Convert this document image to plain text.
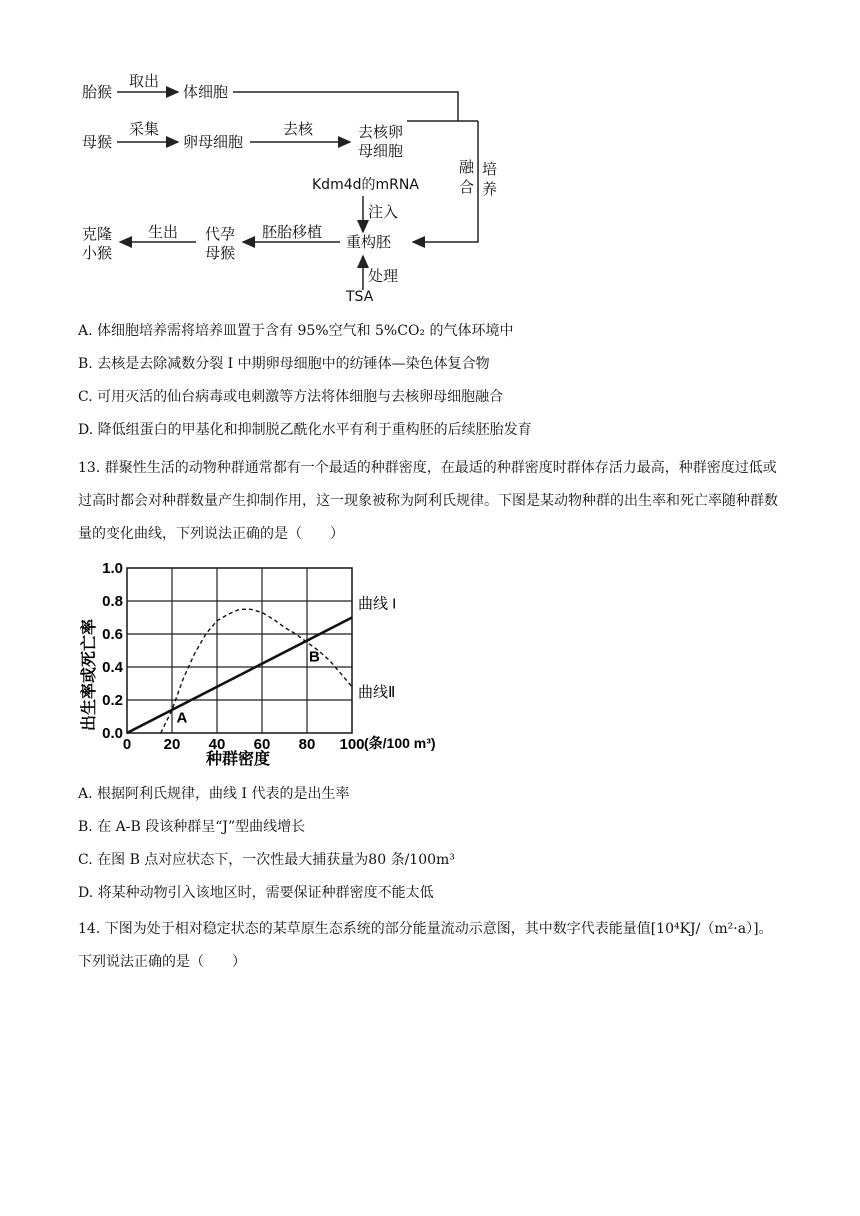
胎猴
取出
体细胞
母猴
采集
卵母细胞
去核	去核卵
母细胞
融
合
培
养
Kdm4d的mRNA
注入
重构胚
处理
TSA
胚胎移植
代孕
母猴
生出
克隆
小猴
A. 体细胞培养需将培养皿置于含有 95%空气和 5%CO₂ 的气体环境中
B. 去核是去除减数分裂 I 中期卵母细胞中的纺锤体—染色体复合物
C. 可用灭活的仙台病毒或电刺激等方法将体细胞与去核卵母细胞融合
D. 降低组蛋白的甲基化和抑制脱乙酰化水平有利于重构胚的后续胚胎发育
13. 群聚性生活的动物种群通常都有一个最适的种群密度，在最适的种群密度时群体存活力最高，种群密度过低或过高时都会对种群数量产生抑制作用，这一现象被称为阿利氏规律。下图是某动物种群的出生率和死亡率随种群数量的变化曲线，下列说法正确的是（　　）
0 20 40 60 80 100
0.0
0.2
0.4
0.6
0.8
1.0
曲线 I
曲线Ⅱ
A
B
出生率或死亡率
种群密度
(条/100 m³)
A. 根据阿利氏规律，曲线 I 代表的是出生率
B. 在 A-B 段该种群呈“J”型曲线增长
C. 在图 B 点对应状态下，一次性最大捕获量为80 条/100m³
D. 将某种动物引入该地区时，需要保证种群密度不能太低
14. 下图为处于相对稳定状态的某草原生态系统的部分能量流动示意图，其中数字代表能量值[10⁴KJ/（m²·a）]。下列说法正确的是（　　）
